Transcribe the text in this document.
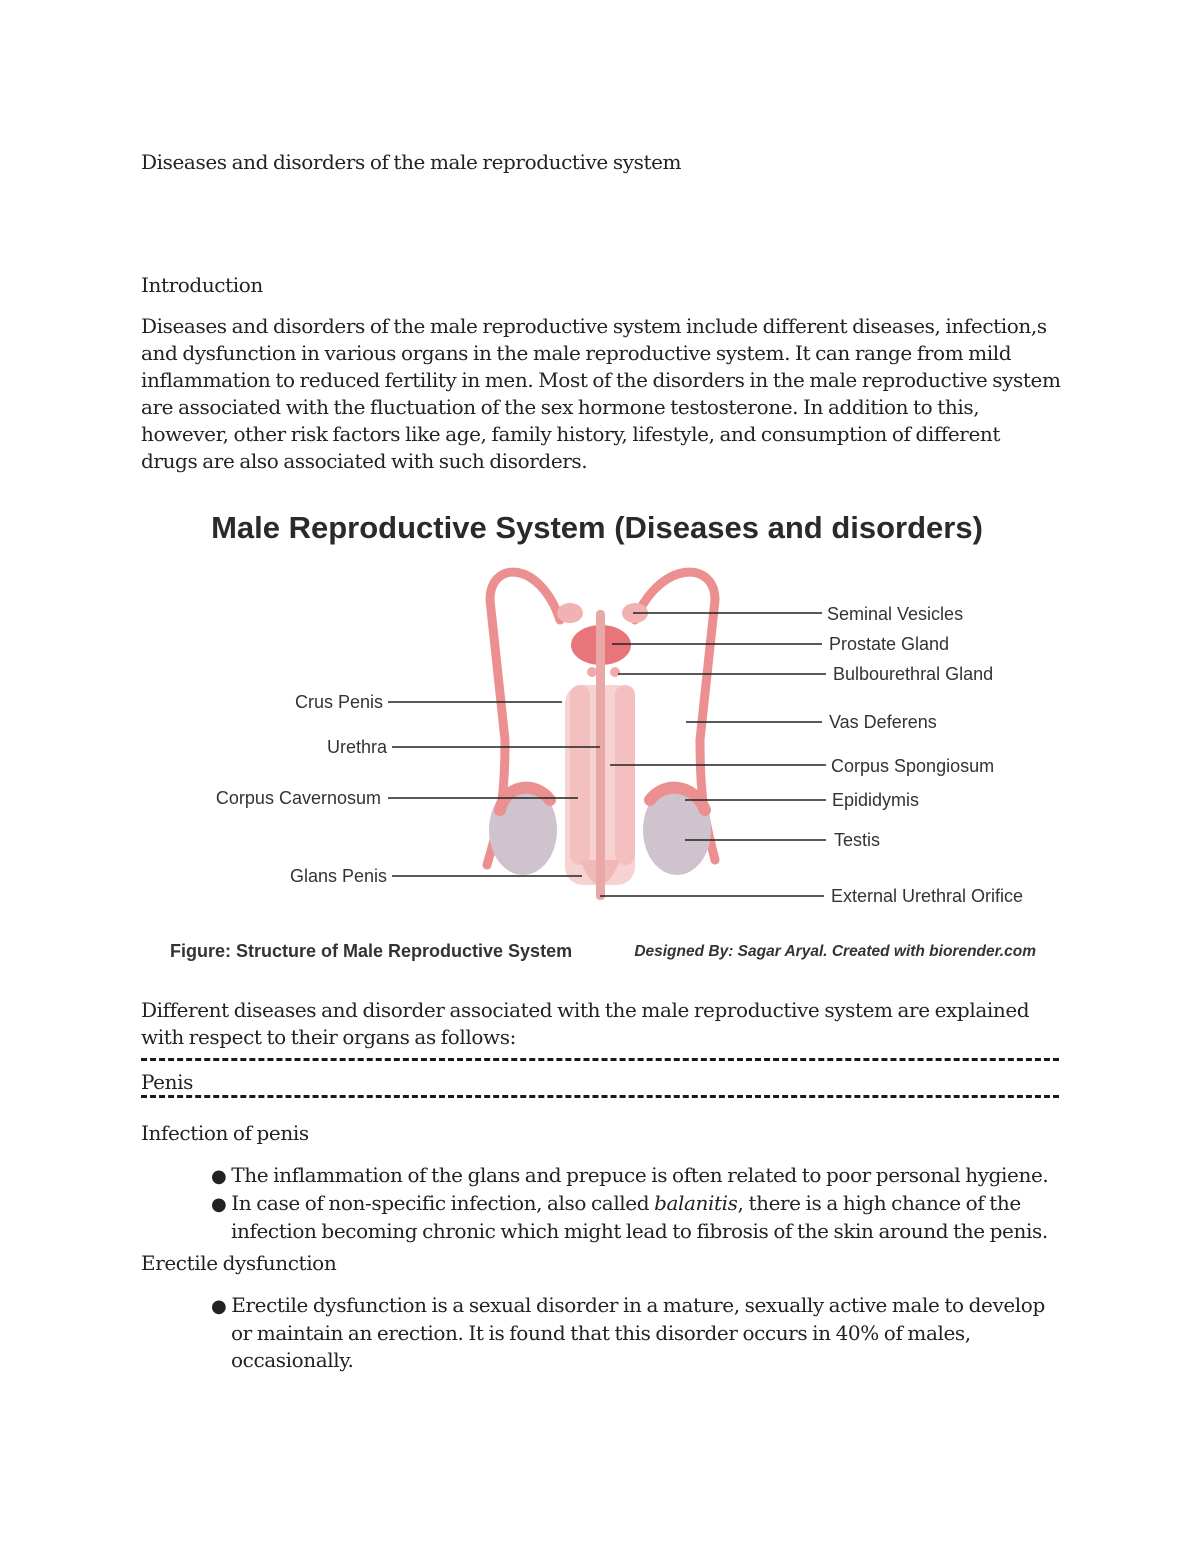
Diseases and disorders of the male reproductive system
Introduction
Diseases and disorders of the male reproductive system include different diseases, infection,s and dysfunction in various organs in the male reproductive system. It can range from mild inflammation to reduced fertility in men. Most of the disorders in the male reproductive system are associated with the fluctuation of the sex hormone testosterone. In addition to this, however, other risk factors like age, family history, lifestyle, and consumption of different drugs are also associated with such disorders.
Male Reproductive System (Diseases and disorders)
Crus Penis
Urethra
Corpus Cavernosum
Glans Penis
Seminal Vesicles
Prostate Gland
Bulbourethral Gland
Vas Deferens
Corpus Spongiosum
Epididymis
Testis
External Urethral Orifice
Figure: Structure of Male Reproductive System	Designed By: Sagar Aryal. Created with biorender.com
Different diseases and disorder associated with the male reproductive system are explained with respect to their organs as follows:
Penis
Infection of penis
● The inflammation of the glans and prepuce is often related to poor personal hygiene.
● In case of non-specific infection, also called balanitis, there is a high chance of the infection becoming chronic which might lead to fibrosis of the skin around the penis.
Erectile dysfunction
● Erectile dysfunction is a sexual disorder in a mature, sexually active male to develop or maintain an erection. It is found that this disorder occurs in 40% of males, occasionally.
